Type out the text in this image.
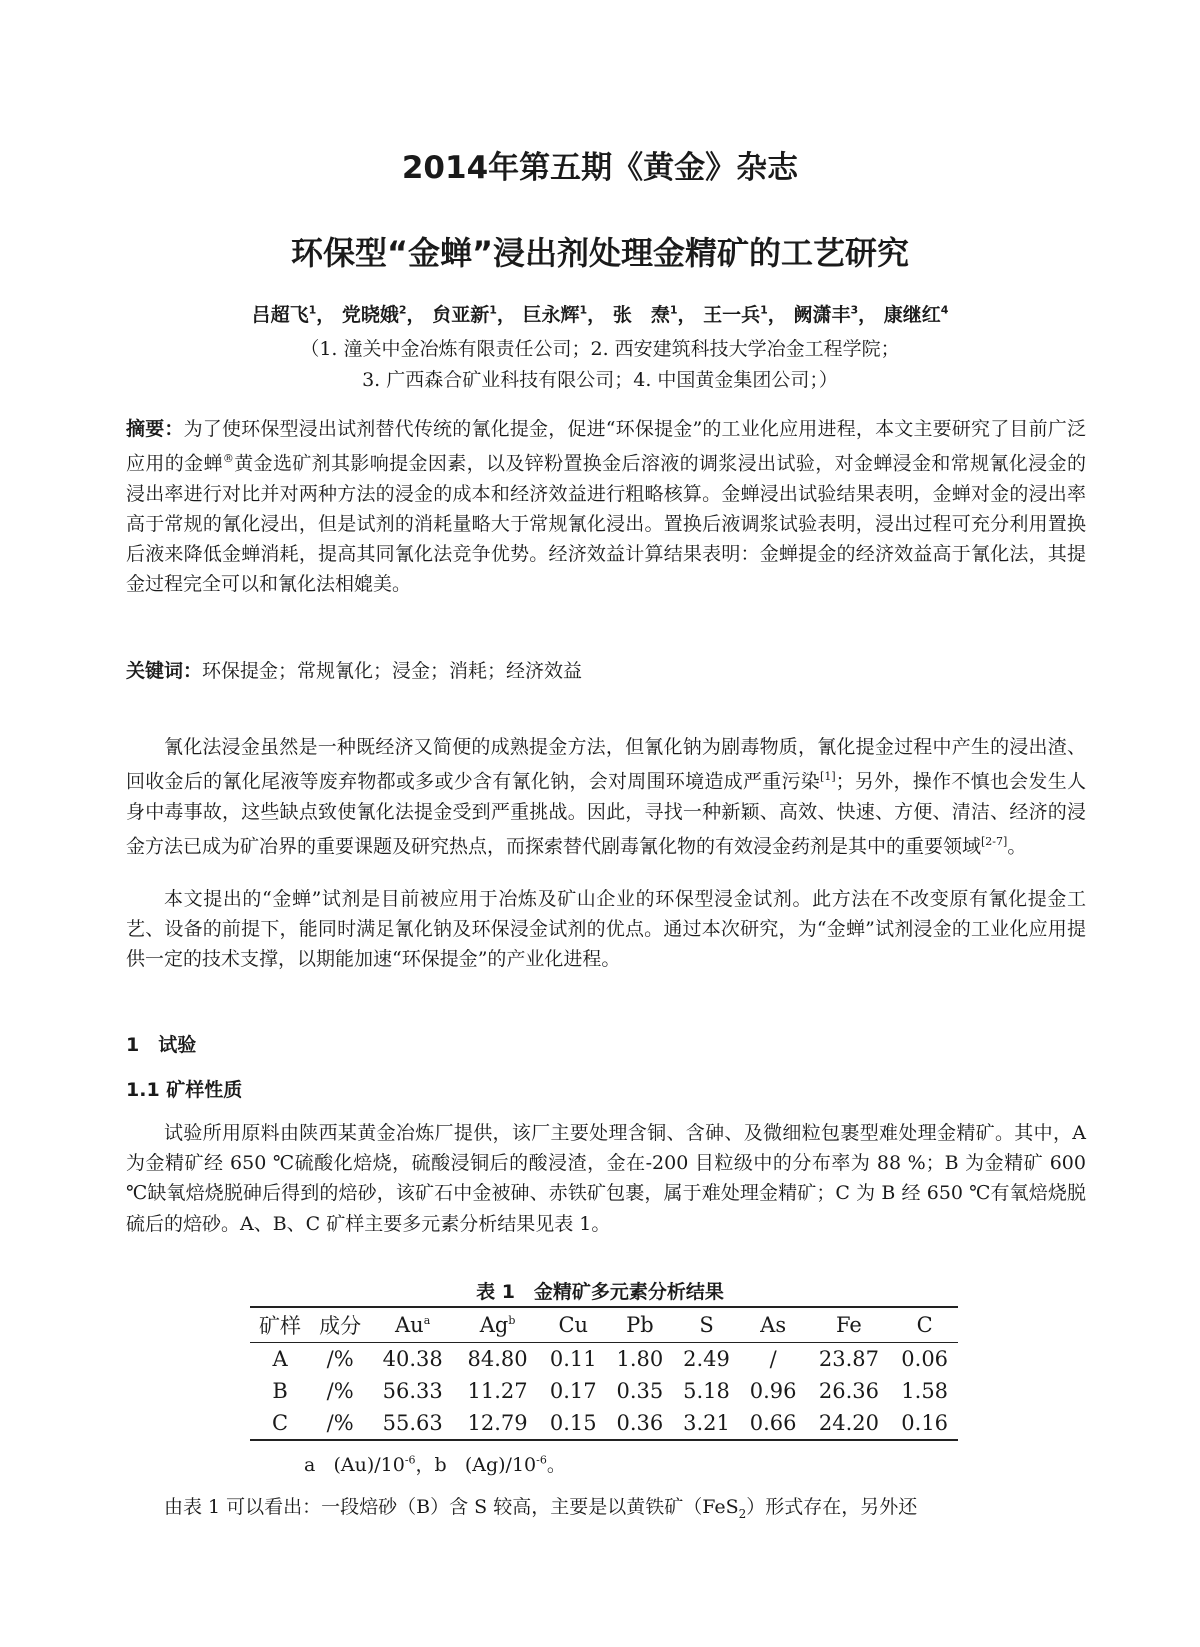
2014年第五期《黄金》杂志
环保型“金蝉”浸出剂处理金精矿的工艺研究
吕超飞$^1$， 党晓娥$^2$， 贠亚新$^1$， 巨永辉$^1$， 张　焘$^1$， 王一兵$^1$， 阙潇丰$^3$， 康继红$^4$
（1. 潼关中金冶炼有限责任公司；2. 西安建筑科技大学冶金工程学院；
3. 广西森合矿业科技有限公司；4. 中国黄金集团公司；）
摘要：为了使环保型浸出试剂替代传统的氰化提金，促进“环保提金”的工业化应用进程，本文主要研究了目前广泛应用的金蝉®黄金选矿剂其影响提金因素，以及锌粉置换金后溶液的调浆浸出试验，对金蝉浸金和常规氰化浸金的浸出率进行对比并对两种方法的浸金的成本和经济效益进行粗略核算。金蝉浸出试验结果表明，金蝉对金的浸出率高于常规的氰化浸出，但是试剂的消耗量略大于常规氰化浸出。置换后液调浆试验表明，浸出过程可充分利用置换后液来降低金蝉消耗，提高其同氰化法竞争优势。经济效益计算结果表明：金蝉提金的经济效益高于氰化法，其提金过程完全可以和氰化法相媲美。
关键词：环保提金；常规氰化；浸金；消耗；经济效益
氰化法浸金虽然是一种既经济又简便的成熟提金方法，但氰化钠为剧毒物质，氰化提金过程中产生的浸出渣、回收金后的氰化尾液等废弃物都或多或少含有氰化钠，会对周围环境造成严重污染[1]；另外，操作不慎也会发生人身中毒事故，这些缺点致使氰化法提金受到严重挑战。因此，寻找一种新颖、高效、快速、方便、清洁、经济的浸金方法已成为矿冶界的重要课题及研究热点，而探索替代剧毒氰化物的有效浸金药剂是其中的重要领域[2-7]。
本文提出的“金蝉”试剂是目前被应用于冶炼及矿山企业的环保型浸金试剂。此方法在不改变原有氰化提金工艺、设备的前提下，能同时满足氰化钠及环保浸金试剂的优点。通过本次研究，为“金蝉”试剂浸金的工业化应用提供一定的技术支撑，以期能加速“环保提金”的产业化进程。
1　试验
1.1 矿样性质
试验所用原料由陕西某黄金冶炼厂提供，该厂主要处理含铜、含砷、及微细粒包裹型难处理金精矿。其中，A 为金精矿经 650 ℃硫酸化焙烧，硫酸浸铜后的酸浸渣，金在-200 目粒级中的分布率为 88 %；B 为金精矿 600 ℃缺氧焙烧脱砷后得到的焙砂，该矿石中金被砷、赤铁矿包裹，属于难处理金精矿；C 为 B 经 650 ℃有氧焙烧脱硫后的焙砂。A、B、C 矿样主要多元素分析结果见表 1。
表 1　金精矿多元素分析结果
矿样	成分	Au$^a$	Ag$^b$	Cu	Pb	S	As	Fe	C
A	/%	40.38	84.80	0.11	1.80	2.49	/	23.87	0.06
B	/%	56.33	11.27	0.17	0.35	5.18	0.96	26.36	1.58
C	/%	55.63	12.79	0.15	0.36	3.21	0.66	24.20	0.16
a $(Au)/10^{-6}$，b $(Ag)/10^{-6}$。
由表 1 可以看出：一段焙砂（B）含 S 较高，主要是以黄铁矿（FeS$_2$）形式存在，另外还
